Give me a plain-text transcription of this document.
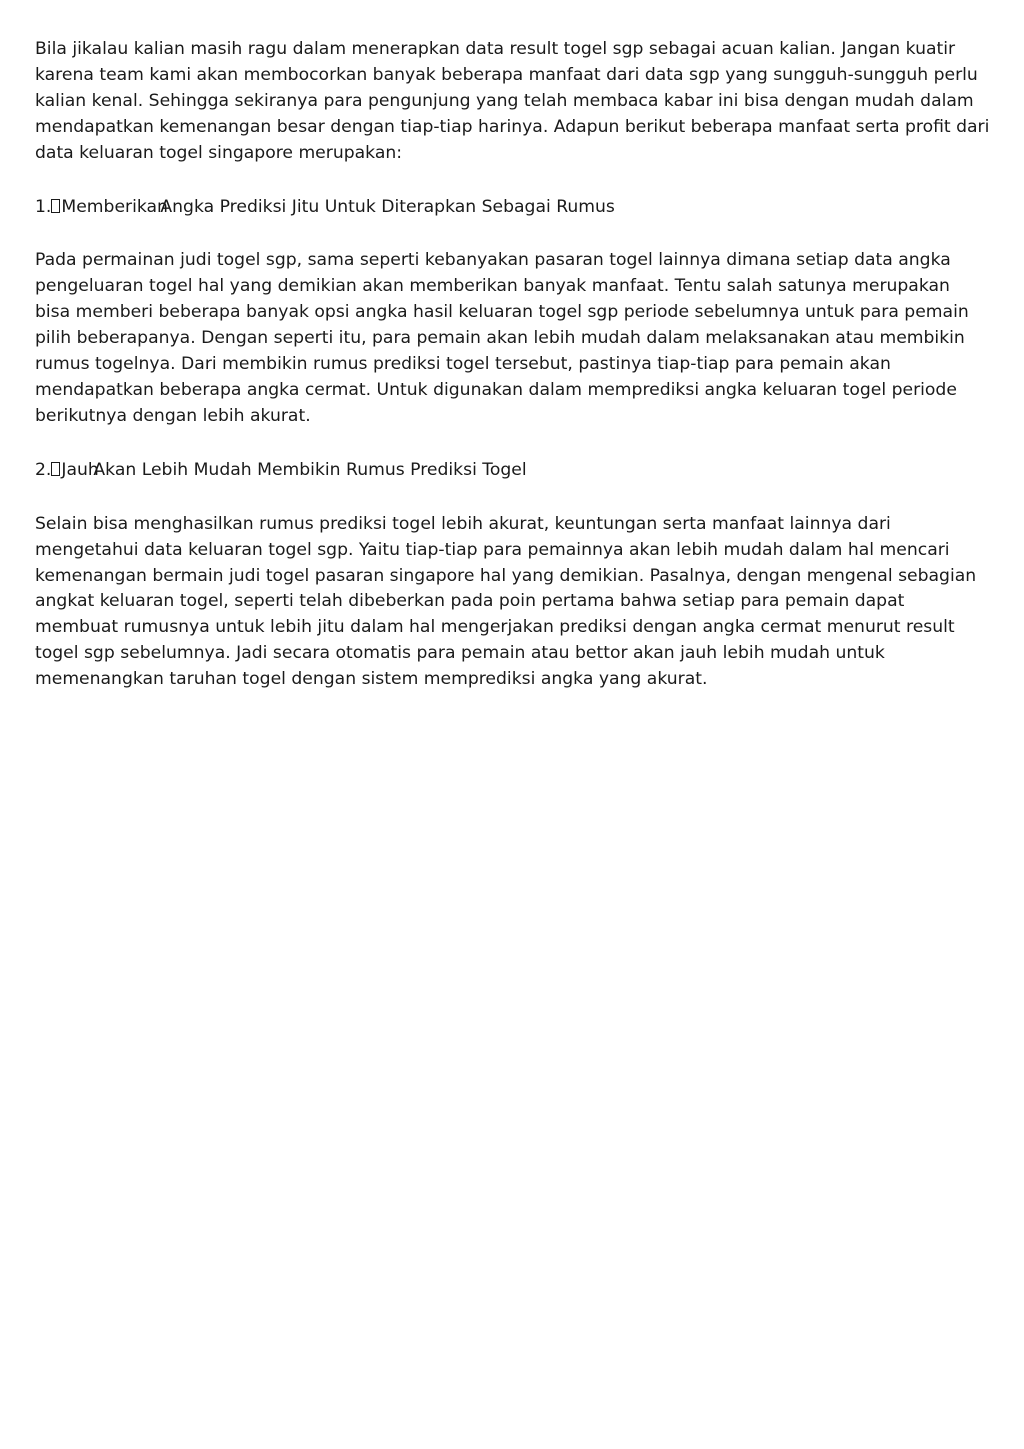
Bila jikalau kalian masih ragu dalam menerapkan data result togel sgp sebagai acuan kalian. Jangan kuatir karena team kami akan membocorkan banyak beberapa manfaat dari data sgp yang sungguh-sungguh perlu kalian kenal. Sehingga sekiranya para pengunjung yang telah membaca kabar ini bisa dengan mudah dalam mendapatkan kemenangan besar dengan tiap-tiap harinya. Adapun berikut beberapa manfaat serta profit dari data keluaran togel singapore merupakan:

1. MemberikanAngka Prediksi Jitu Untuk Diterapkan Sebagai Rumus

Pada permainan judi togel sgp, sama seperti kebanyakan pasaran togel lainnya dimana setiap data angka pengeluaran togel hal yang demikian akan memberikan banyak manfaat. Tentu salah satunya merupakan bisa memberi beberapa banyak opsi angka hasil keluaran togel sgp periode sebelumnya untuk para pemain pilih beberapanya. Dengan seperti itu, para pemain akan lebih mudah dalam melaksanakan atau membikin rumus togelnya. Dari membikin rumus prediksi togel tersebut, pastinya tiap-tiap para pemain akan mendapatkan beberapa angka cermat. Untuk digunakan dalam memprediksi angka keluaran togel periode berikutnya dengan lebih akurat.

2. JauhAkan Lebih Mudah Membikin Rumus Prediksi Togel

Selain bisa menghasilkan rumus prediksi togel lebih akurat, keuntungan serta manfaat lainnya dari mengetahui data keluaran togel sgp. Yaitu tiap-tiap para pemainnya akan lebih mudah dalam hal mencari kemenangan bermain judi togel pasaran singapore hal yang demikian. Pasalnya, dengan mengenal sebagian angkat keluaran togel, seperti telah dibeberkan pada poin pertama bahwa setiap para pemain dapat membuat rumusnya untuk lebih jitu dalam hal mengerjakan prediksi dengan angka cermat menurut result togel sgp sebelumnya. Jadi secara otomatis para pemain atau bettor akan jauh lebih mudah untuk memenangkan taruhan togel dengan sistem memprediksi angka yang akurat.
